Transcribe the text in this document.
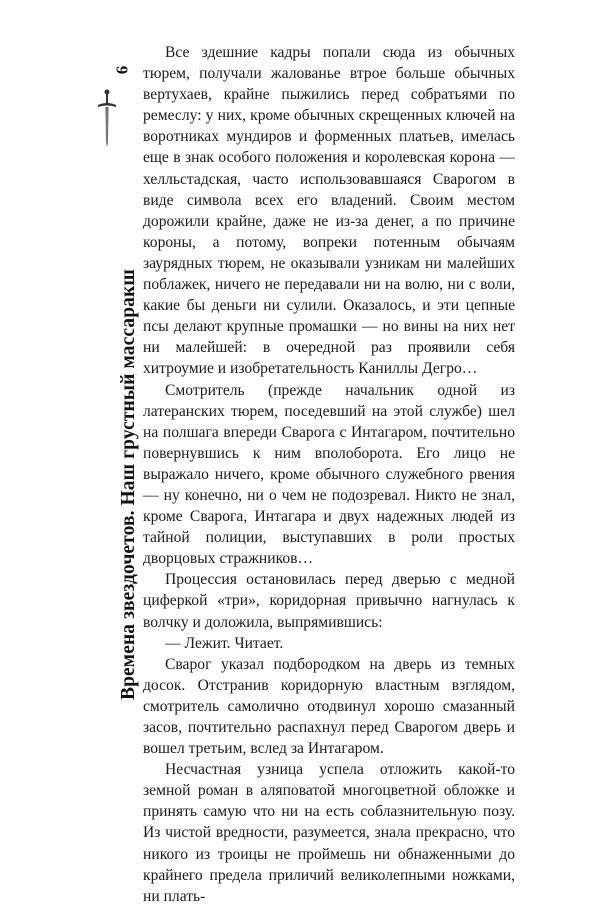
6
Времена звездочетов. Наш грустный массаракш

Все здешние кадры попали сюда из обычных тюрем, получали жалованье втрое больше обычных вертухаев, крайне пыжились перед собратьями по ремеслу: у них, кроме обычных скрещенных ключей на воротниках мундиров и форменных платьев, имелась еще в знак особого положения и королевская корона — хелльстадская, часто использовавшаяся Сварогом в виде символа всех его владений. Своим местом дорожили крайне, даже не из-за денег, а по причине короны, а потому, вопреки потенным обычаям заурядных тюрем, не оказывали узникам ни малейших поблажек, ничего не передавали ни на волю, ни с воли, какие бы деньги ни сулили. Оказалось, и эти цепные псы делают крупные промашки — но вины на них нет ни малейшей: в очередной раз проявили себя хитроумие и изобретательность Каниллы Дегро…

Смотритель (прежде начальник одной из латеранских тюрем, поседевший на этой службе) шел на полшага впереди Сварога с Интагаром, почтительно повернувшись к ним вполоборота. Его лицо не выражало ничего, кроме обычного служебного рвения — ну конечно, ни о чем не подозревал. Никто не знал, кроме Сварога, Интагара и двух надежных людей из тайной полиции, выступавших в роли простых дворцовых стражников…

Процессия остановилась перед дверью с медной циферкой «три», коридорная привычно нагнулась к волчку и доложила, выпрямившись:

— Лежит. Читает.

Сварог указал подбородком на дверь из темных досок. Отстранив коридорную властным взглядом, смотритель самолично отодвинул хорошо смазанный засов, почтительно распахнул перед Сварогом дверь и вошел третьим, вслед за Интагаром.

Несчастная узница успела отложить какой-то земной роман в аляповатой многоцветной обложке и принять самую что ни на есть соблазнительную позу. Из чистой вредности, разумеется, знала прекрасно, что никого из троицы не проймешь ни обнаженными до крайнего предела приличий великолепными ножками, ни плать-
